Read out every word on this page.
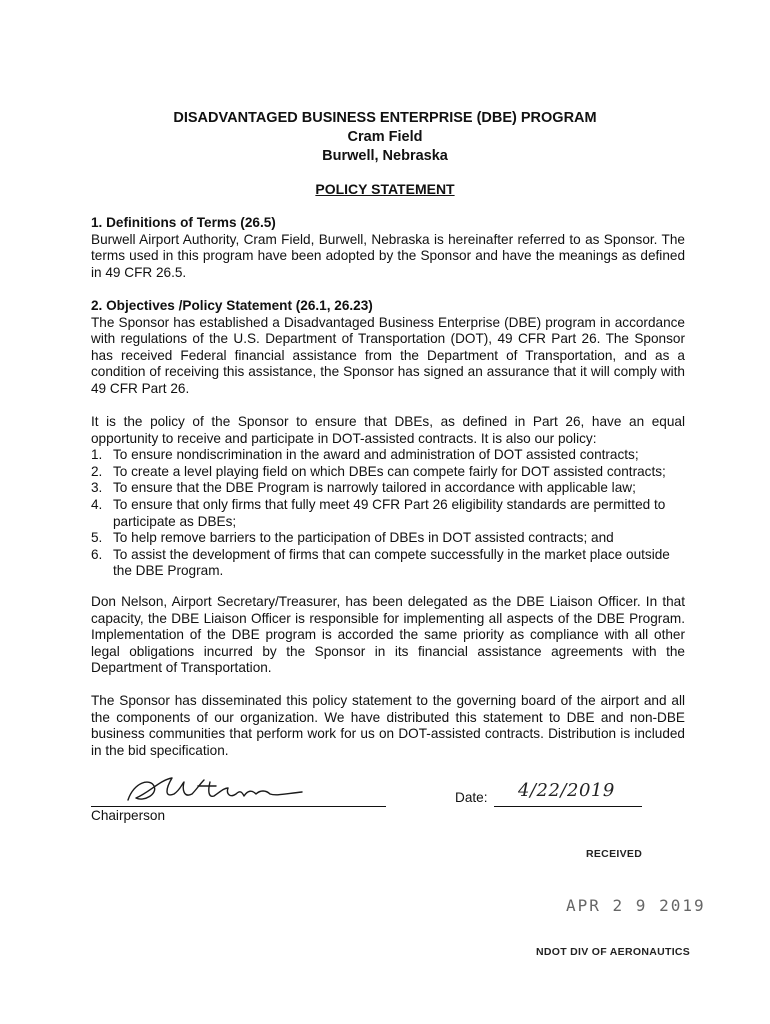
DISADVANTAGED BUSINESS ENTERPRISE (DBE) PROGRAM
Cram Field
Burwell, Nebraska
POLICY STATEMENT
1. Definitions of Terms (26.5)
Burwell Airport Authority, Cram Field, Burwell, Nebraska is hereinafter referred to as Sponsor. The terms used in this program have been adopted by the Sponsor and have the meanings as defined in 49 CFR 26.5.
2. Objectives /Policy Statement (26.1, 26.23)
The Sponsor has established a Disadvantaged Business Enterprise (DBE) program in accordance with regulations of the U.S. Department of Transportation (DOT), 49 CFR Part 26. The Sponsor has received Federal financial assistance from the Department of Transportation, and as a condition of receiving this assistance, the Sponsor has signed an assurance that it will comply with 49 CFR Part 26.
It is the policy of the Sponsor to ensure that DBEs, as defined in Part 26, have an equal opportunity to receive and participate in DOT-assisted contracts. It is also our policy:
1. To ensure nondiscrimination in the award and administration of DOT assisted contracts;
2. To create a level playing field on which DBEs can compete fairly for DOT assisted contracts;
3. To ensure that the DBE Program is narrowly tailored in accordance with applicable law;
4. To ensure that only firms that fully meet 49 CFR Part 26 eligibility standards are permitted to participate as DBEs;
5. To help remove barriers to the participation of DBEs in DOT assisted contracts; and
6. To assist the development of firms that can compete successfully in the market place outside the DBE Program.
Don Nelson, Airport Secretary/Treasurer, has been delegated as the DBE Liaison Officer. In that capacity, the DBE Liaison Officer is responsible for implementing all aspects of the DBE Program. Implementation of the DBE program is accorded the same priority as compliance with all other legal obligations incurred by the Sponsor in its financial assistance agreements with the Department of Transportation.
The Sponsor has disseminated this policy statement to the governing board of the airport and all the components of our organization. We have distributed this statement to DBE and non-DBE business communities that perform work for us on DOT-assisted contracts. Distribution is included in the bid specification.
Chairperson
Date: 4/22/2019
RECEIVED
APR 2 9 2019
NDOT DIV OF AERONAUTICS
